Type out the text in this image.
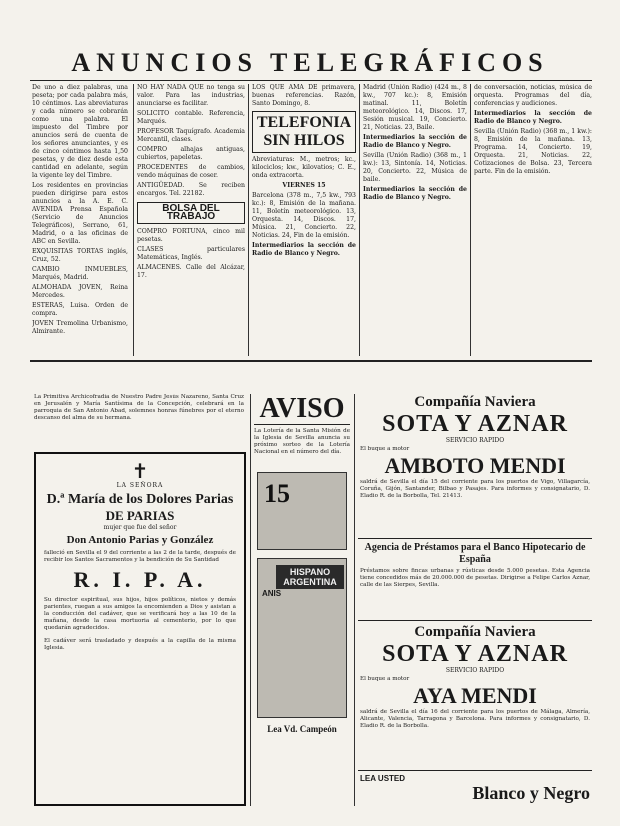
ANUNCIOS TELEGRÁFICOS
De uno a diez palabras, una peseta; por cada palabra más, 10 céntimos. Las abreviaturas y cada número se cobrarán como una palabra. El impuesto del Timbre por anuncios será de cuenta de los señores anunciantes, y es de cinco céntimos hasta 1,50 pesetas, y de diez desde esta cantidad en adelante, según la vigente ley del Timbre.
Los residentes en provincias pueden dirigirse para estos anuncios a la A. E. C. AVENIDA Prensa Española (Servicio de Anuncios Telegráficos), Serrano, 61, Madrid, o a las oficinas de ABC en Sevilla.
EXQUISITAS TORTAS inglés, Cruz, 52.
CAMBIO INMUEBLES, Marqués, Madrid.
ALMOHADA JOVEN, Reina Mercedes.
ESTERAS, Luisa. Orden de compra.
JOVEN Tremolina Urbanismo, Almirante.
NO HAY NADA QUE no tenga su valor. Para las industrias, anunciarse es facilitar.
SOLICITO contable. Referencia, Marqués.
PROFESOR Taquígrafo. Academia Mercantil, clases.
COMPRO alhajas antiguas, cubiertos, papeletas.
PROCEDENTES de cambios, vendo máquinas de coser.
ANTIGÜEDAD. Se reciben encargos. Tel. 22182.
BOLSA DEL TRABAJO
COMPRO FORTUNA, cinco mil pesetas.
CLASES particulares Matemáticas, Inglés.
ALMACENES. Calle del Alcázar, 17.
LOS QUE AMA DE primavera, buenas referencias. Razón, Santo Domingo, 8.
TELEFONIA
SIN HILOS
Abreviaturas: M., metros; kc., kilociclos; kw., kilovatios; C. E., onda extracorta.
VIERNES 15
Barcelona (378 m., 7,5 kw., 793 kc.): 8, Emisión de la mañana. 11, Boletín meteorológico. 13, Orquesta. 14, Discos. 17, Música. 21, Concierto. 22, Noticias. 24, Fin de la emisión.
Intermediarios la sección de Radio de Blanco y Negro.
Madrid (Unión Radio) (424 m., 8 kw., 707 kc.): 8, Emisión matinal. 11, Boletín meteorológico. 14, Discos. 17, Sesión musical. 19, Concierto. 21, Noticias. 23, Baile.
Intermediarios la sección de Radio de Blanco y Negro.
Sevilla (Unión Radio) (368 m., 1 kw.): 13, Sintonía. 14, Noticias. 20, Concierto. 22, Música de baile.
Intermediarios la sección de Radio de Blanco y Negro.
de conversación, noticias, música de orquesta. Programas del día, conferencias y audiciones.
Intermediarios la sección de Radio de Blanco y Negro.
Sevilla (Unión Radio) (368 m., 1 kw.): 8, Emisión de la mañana. 13, Programa. 14, Concierto. 19, Orquesta. 21, Noticias. 22, Cotizaciones de Bolsa. 23, Tercera parte. Fin de la emisión.
La Primitiva Archicofradía de Nuestro Padre Jesús Nazareno, Santa Cruz en Jerusalén y María Santísima de la Concepción, celebrará en la parroquia de San Antonio Abad, solemnes honras fúnebres por el eterno descanso del alma de su hermana.
✝
LA SEÑORA
D.ª María de los Dolores Parias
DE PARIAS
mujer que fue del señor
Don Antonio Parias y González
falleció en Sevilla el 9 del corriente a las 2 de la tarde, después de recibir los Santos Sacramentos y la bendición de Su Santidad
R. I. P. A.
Su director espiritual, sus hijos, hijos políticos, nietos y demás parientes, ruegan a sus amigos la encomienden a Dios y asistan a la conducción del cadáver, que se verificará hoy a las 10 de la mañana, desde la casa mortuoria al cementerio, por lo que quedarán agradecidos.
El cadáver será trasladado y después a la capilla de la misma Iglesia.
AVISO
La Lotería de la Santa Misión de la Iglesia de Sevilla anuncia su próximo sorteo de la Lotería Nacional en el número del día.
15
HISPANO ARGENTINA
ANIS
Lea Vd. Campeón
Compañía Naviera
SOTA Y AZNAR
SERVICIO RAPIDO
El buque a motor
AMBOTO MENDI
saldrá de Sevilla el día 15 del corriente para los puertos de Vigo, Villagarcía, Coruña, Gijón, Santander, Bilbao y Pasajes. Para informes y consignatario, D. Eladio R. de la Borbolla, Tel. 21413.
Agencia de Préstamos para el Banco Hipotecario de España
Préstamos sobre fincas urbanas y rústicas desde 5.000 pesetas. Esta Agencia tiene concedidos más de 20.000.000 de pesetas. Dirigirse a Felipe Carlos Aznar, calle de las Sierpes, Sevilla.
Compañía Naviera
SOTA Y AZNAR
SERVICIO RAPIDO
El buque a motor
AYA MENDI
saldrá de Sevilla el día 16 del corriente para los puertos de Málaga, Almería, Alicante, Valencia, Tarragona y Barcelona. Para informes y consignatario, D. Eladio R. de la Borbolla.
LEA USTED
Blanco y Negro
